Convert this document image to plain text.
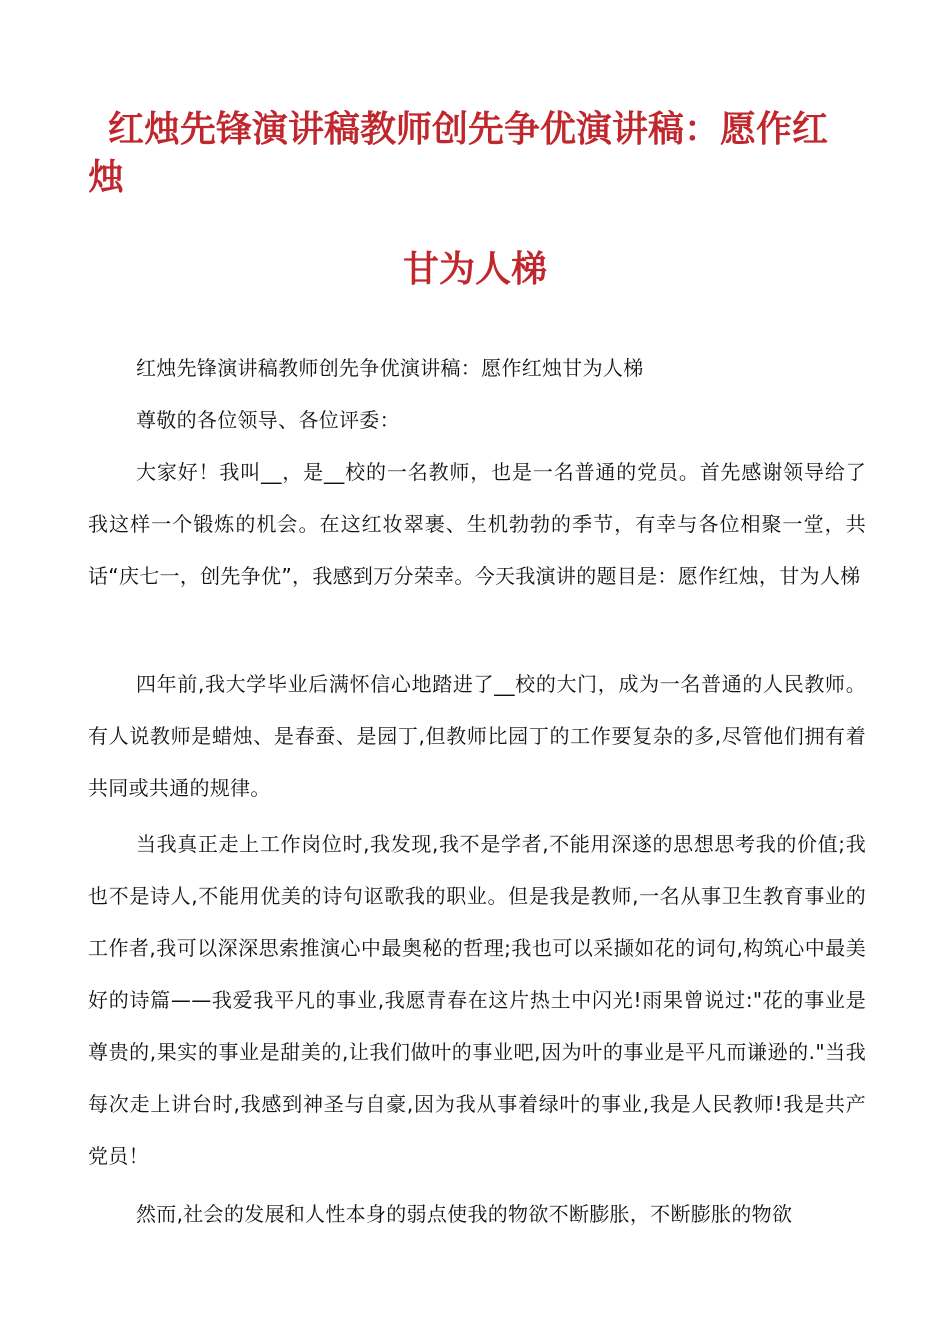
红烛先锋演讲稿教师创先争优演讲稿：愿作红烛
甘为人梯

红烛先锋演讲稿教师创先争优演讲稿：愿作红烛甘为人梯

尊敬的各位领导、各位评委：

大家好！我叫__，是__校的一名教师，也是一名普通的党员。首先感谢领导给了我这样一个锻炼的机会。在这红妆翠裹、生机勃勃的季节，有幸与各位相聚一堂，共话“庆七一，创先争优”，我感到万分荣幸。今天我演讲的题目是：愿作红烛，甘为人梯

四年前,我大学毕业后满怀信心地踏进了__校的大门，成为一名普通的人民教师。有人说教师是蜡烛、是春蚕、是园丁,但教师比园丁的工作要复杂的多,尽管他们拥有着共同或共通的规律。

当我真正走上工作岗位时,我发现,我不是学者,不能用深遂的思想思考我的价值;我也不是诗人,不能用优美的诗句讴歌我的职业。但是我是教师,一名从事卫生教育事业的工作者,我可以深深思索推演心中最奥秘的哲理;我也可以采撷如花的词句,构筑心中最美好的诗篇——我爱我平凡的事业,我愿青春在这片热土中闪光!雨果曾说过:"花的事业是尊贵的,果实的事业是甜美的,让我们做叶的事业吧,因为叶的事业是平凡而谦逊的."当我每次走上讲台时,我感到神圣与自豪,因为我从事着绿叶的事业,我是人民教师!我是共产党员！

然而,社会的发展和人性本身的弱点使我的物欲不断膨胀，不断膨胀的物欲
